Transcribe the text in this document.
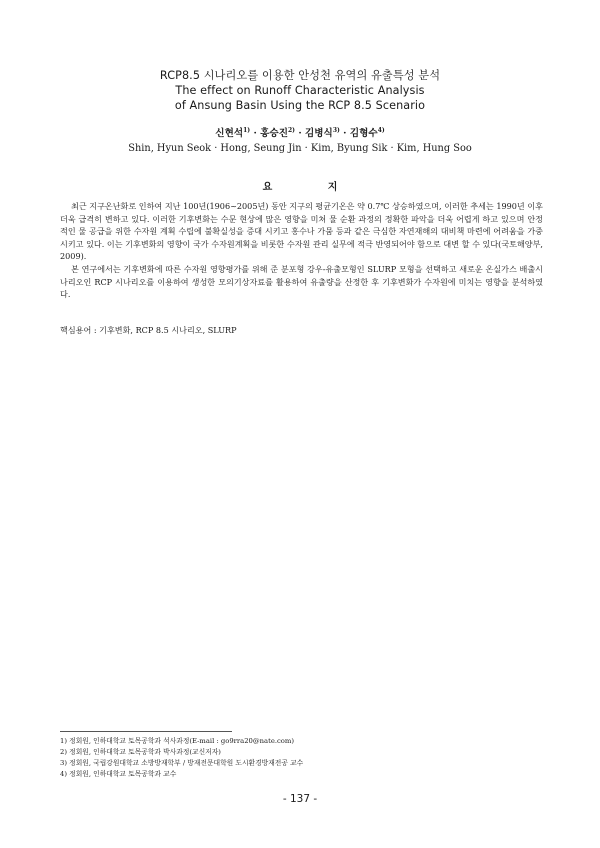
RCP8.5 시나리오를 이용한 안성천 유역의 유출특성 분석
The effect on Runoff Characteristic Analysis
of Ansung Basin Using the RCP 8.5 Scenario
신현석$^{1)}$ · 홍승진$^{2)}$ · 김병식$^{3)}$ · 김형수$^{4)}$
Shin, Hyun Seok · Hong, Seung Jin · Kim, Byung Sik · Kim, Hung Soo
요 지

최근 지구온난화로 인하여 지난 100년(1906~2005년) 동안 지구의 평균기온은 약 0.7℃ 상승하였으며, 이러한 추세는 1990년 이후 더욱 급격히 변하고 있다. 이러한 기후변화는 수문 현상에 많은 영향을 미쳐 물 순환 과정의 정확한 파악을 더욱 어렵게 하고 있으며 안정적인 물 공급을 위한 수자원 계획 수립에 불확실성을 증대 시키고 홍수나 가뭄 등과 같은 극심한 자연재해의 대비책 마련에 어려움을 가중시키고 있다. 이는 기후변화의 영향이 국가 수자원계획을 비롯한 수자원 관리 실무에 적극 반영되어야 함으로 대변 할 수 있다(국토해양부, 2009).

본 연구에서는 기후변화에 따른 수자원 영향평가를 위해 준 분포형 강우-유출모형인 SLURP 모형을 선택하고 새로운 온실가스 배출시나리오인 RCP 시나리오를 이용하여 생성한 모의기상자료를 활용하여 유출량을 산정한 후 기후변화가 수자원에 미치는 영향을 분석하였다.

핵심용어 : 기후변화, RCP 8.5 시나리오, SLURP
1) 정회원, 인하대학교 토목공학과 석사과정(E-mail : go9rra20@nate.com)
2) 정회원, 인하대학교 토목공학과 박사과정(교신저자)
3) 정회원, 국립강원대학교 소방방재학부 / 방재전문대학원 도시환경방재전공 교수
4) 정회원, 인하대학교 토목공학과 교수
- 137 -
